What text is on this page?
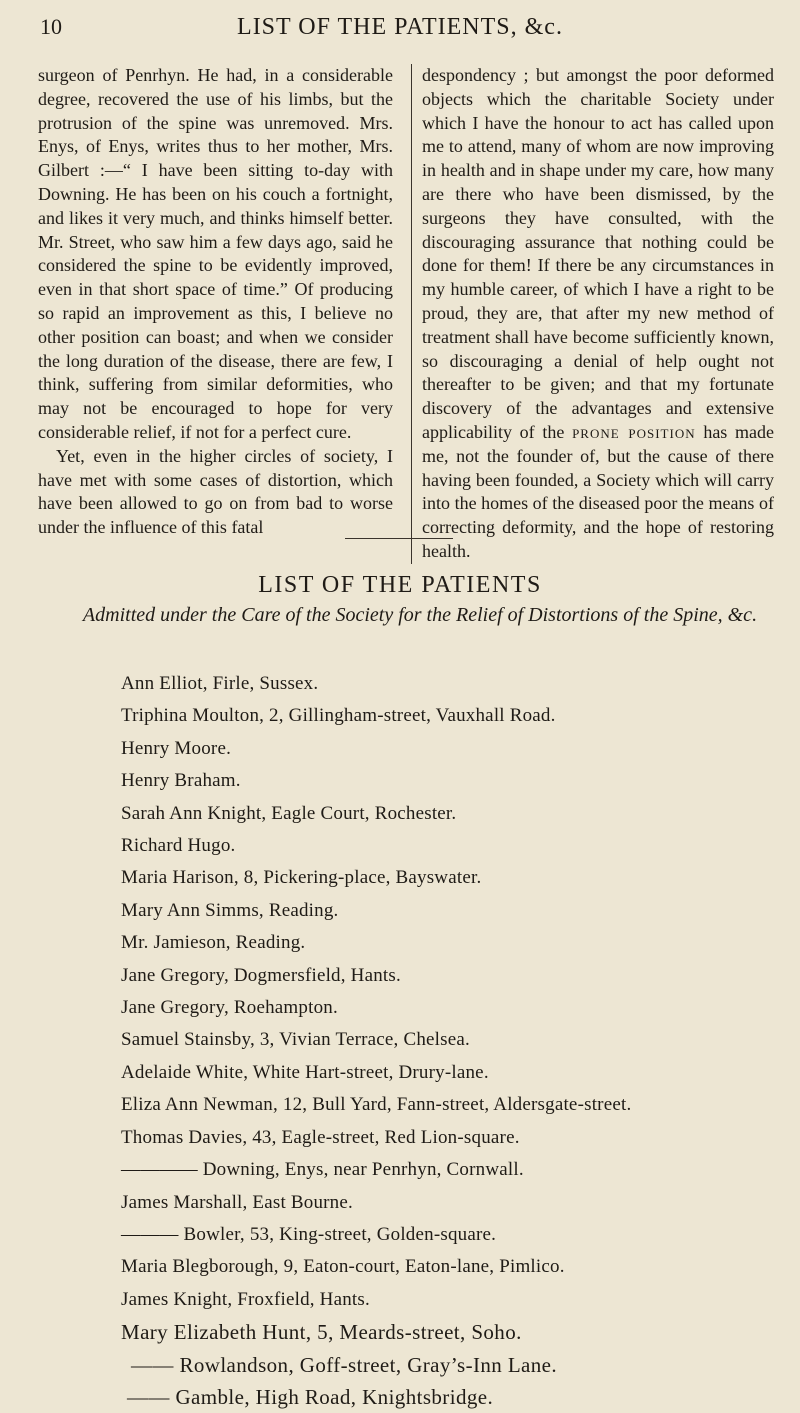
10	LIST OF THE PATIENTS, &c.

surgeon of Penrhyn. He had, in a considerable degree, recovered the use of his limbs, but the protrusion of the spine was unremoved. Mrs. Enys, of Enys, writes thus to her mother, Mrs. Gilbert :—“ I have been sitting to-day with Downing. He has been on his couch a fortnight, and likes it very much, and thinks himself better. Mr. Street, who saw him a few days ago, said he considered the spine to be evidently improved, even in that short space of time.” Of producing so rapid an improvement as this, I believe no other position can boast; and when we consider the long duration of the disease, there are few, I think, suffering from similar deformities, who may not be encouraged to hope for very considerable relief, if not for a perfect cure.

Yet, even in the higher circles of society, I have met with some cases of distortion, which have been allowed to go on from bad to worse under the influence of this fatal

despondency ; but amongst the poor deformed objects which the charitable Society under which I have the honour to act has called upon me to attend, many of whom are now improving in health and in shape under my care, how many are there who have been dismissed, by the surgeons they have consulted, with the discouraging assurance that nothing could be done for them! If there be any circumstances in my humble career, of which I have a right to be proud, they are, that after my new method of treatment shall have become sufficiently known, so discouraging a denial of help ought not thereafter to be given; and that my fortunate discovery of the advantages and extensive applicability of the prone position has made me, not the founder of, but the cause of there having been founded, a Society which will carry into the homes of the diseased poor the means of correcting deformity, and the hope of restoring health.

LIST OF THE PATIENTS
Admitted under the Care of the Society for the Relief of Distortions of the Spine, &c.
Ann Elliot, Firle, Sussex.
Triphina Moulton, 2, Gillingham-street, Vauxhall Road.
Henry Moore.
Henry Braham.
Sarah Ann Knight, Eagle Court, Rochester.
Richard Hugo.
Maria Harison, 8, Pickering-place, Bayswater.
Mary Ann Simms, Reading.
Mr. Jamieson, Reading.
Jane Gregory, Dogmersfield, Hants.
Jane Gregory, Roehampton.
Samuel Stainsby, 3, Vivian Terrace, Chelsea.
Adelaide White, White Hart-street, Drury-lane.
Eliza Ann Newman, 12, Bull Yard, Fann-street, Aldersgate-street.
Thomas Davies, 43, Eagle-street, Red Lion-square.
———— Downing, Enys, near Penrhyn, Cornwall.
James Marshall, East Bourne.
——— Bowler, 53, King-street, Golden-square.
Maria Blegborough, 9, Eaton-court, Eaton-lane, Pimlico.
James Knight, Froxfield, Hants.
Mary Elizabeth Hunt, 5, Meards-street, Soho.
—— Rowlandson, Goff-street, Gray’s-Inn Lane.
—— Gamble, High Road, Knightsbridge.
